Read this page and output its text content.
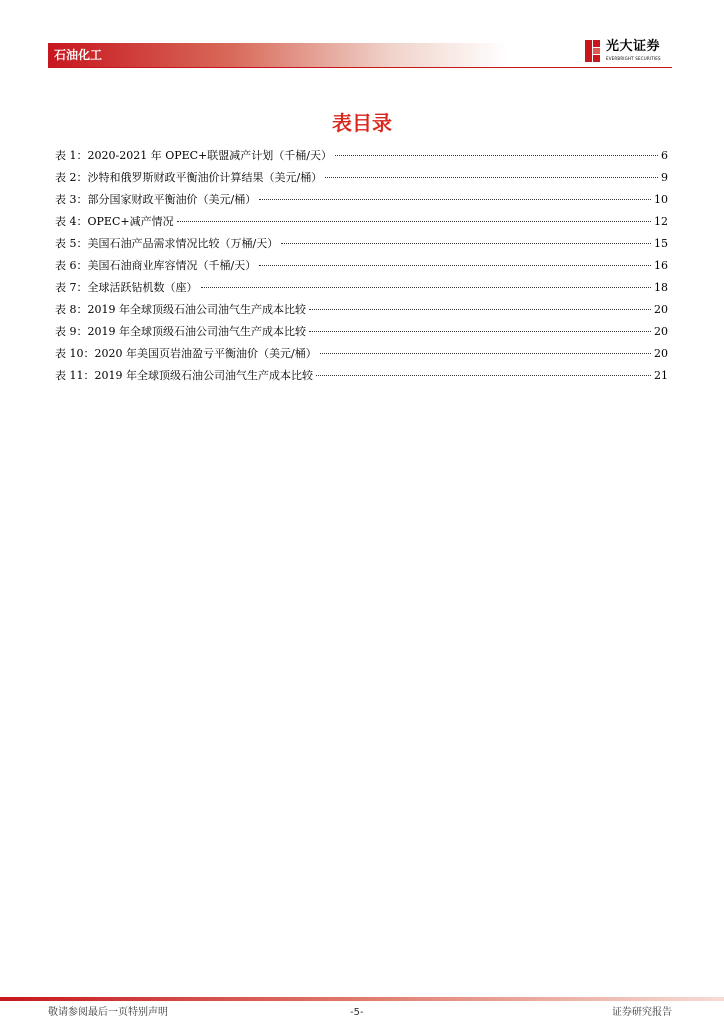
石油化工
光大证券
EVERBRIGHT SECURITIES
表目录
表 1：2020-2021 年 OPEC+联盟减产计划（千桶/天）	6
表 2：沙特和俄罗斯财政平衡油价计算结果（美元/桶）	9
表 3：部分国家财政平衡油价（美元/桶）	10
表 4：OPEC+减产情况	12
表 5：美国石油产品需求情况比较（万桶/天）	15
表 6：美国石油商业库容情况（千桶/天）	16
表 7：全球活跃钻机数（座）	18
表 8：2019 年全球顶级石油公司油气生产成本比较	20
表 9：2019 年全球顶级石油公司油气生产成本比较	20
表 10：2020 年美国页岩油盈亏平衡油价（美元/桶）	20
表 11：2019 年全球顶级石油公司油气生产成本比较	21
敬请参阅最后一页特别声明	-5-	证券研究报告
